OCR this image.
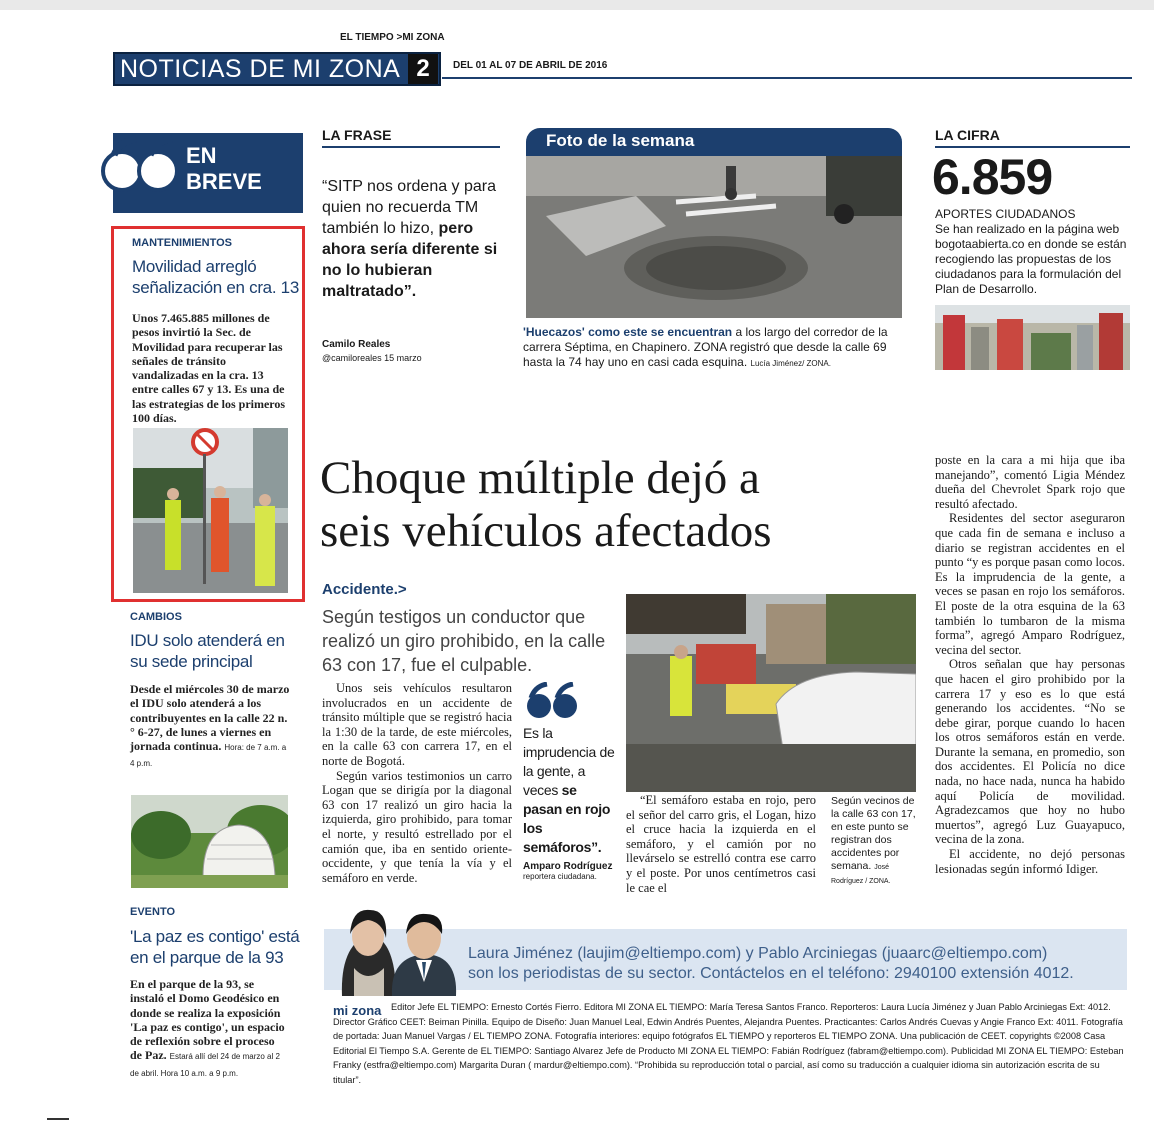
EL TIEMPO >MI ZONA
NOTICIAS DE MI ZONA 2	DEL 01 AL 07 DE ABRIL DE 2016
EN
BREVE
MANTENIMIENTOS
Movilidad arregló señalización en cra. 13
Unos 7.465.885 millones de pesos invirtió la Sec. de Movilidad para recuperar las señales de tránsito vandalizadas en la cra. 13 entre calles 67 y 13. Es una de las estrategias de los primeros 100 días.
CAMBIOS
IDU solo atenderá en su sede principal
Desde el miércoles 30 de marzo el IDU solo atenderá a los contribuyentes en la calle 22 n.° 6-27, de lunes a viernes en jornada continua. Hora: de 7 a.m. a 4 p.m.
EVENTO
'La paz es contigo' está en el parque de la 93
En el parque de la 93, se instaló el Domo Geodésico en donde se realiza la exposición 'La paz es contigo', un espacio de reflexión sobre el proceso de Paz. Estará allí del 24 de marzo al 2 de abril. Hora 10 a.m. a 9 p.m.
LA FRASE
“SITP nos ordena y para quien no recuerda TM también lo hizo, pero ahora sería diferente si no lo hubieran maltratado”.
Camilo Reales
@camiloreales 15 marzo
Foto de la semana
'Huecazos' como este se encuentran a los largo del corredor de la carrera Séptima, en Chapinero. ZONA registró que desde la calle 69 hasta la 74 hay uno en casi cada esquina. Lucía Jiménez/ ZONA.
LA CIFRA
6.859
APORTES CIUDADANOS
Se han realizado en la página web bogotaabierta.co en donde se están recogiendo las propuestas de los ciudadanos para la formulación del Plan de Desarrollo.
Choque múltiple dejó a seis vehículos afectados
Accidente.>
Según testigos un conductor que realizó un giro prohibido, en la calle 63 con 17, fue el culpable.

Unos seis vehículos resultaron involucrados en un accidente de tránsito múltiple que se registró hacia la 1:30 de la tarde, de este miércoles, en la calle 63 con carrera 17, en el norte de Bogotá.

Según varios testimonios un carro Logan que se dirigía por la diagonal 63 con 17 realizó un giro hacia la izquierda, giro prohibido, para tomar el norte, y resultó estrellado por el camión que, iba en sentido oriente-occidente, y que tenía la vía y el semáforo en verde.

Es la imprudencia de la gente, a veces se pasan en rojo los semáforos”.
Amparo Rodríguez
reportera ciudadana.

“El semáforo estaba en rojo, pero el señor del carro gris, el Logan, hizo el cruce hacia la izquierda en el semáforo, y el camión por no llevárselo se estrelló contra ese carro y el poste. Por unos centímetros casi le cae el

Según vecinos de la calle 63 con 17, en este punto se registran dos accidentes por semana. José Rodríguez / ZONA.

poste en la cara a mi hija que iba manejando”, comentó Ligia Méndez dueña del Chevrolet Spark rojo que resultó afectado.

Residentes del sector aseguraron que cada fin de semana e incluso a diario se registran accidentes en el punto “y es porque pasan como locos. Es la imprudencia de la gente, a veces se pasan en rojo los semáforos. El poste de la otra esquina de la 63 también lo tumbaron de la misma forma”, agregó Amparo Rodríguez, vecina del sector.

Otros señalan que hay personas que hacen el giro prohibido por la carrera 17 y eso es lo que está generando los accidentes. “No se debe girar, porque cuando lo hacen los otros semáforos están en verde. Durante la semana, en promedio, son dos accidentes. El Policía no dice nada, no hace nada, nunca ha habido aquí Policía de movilidad. Agradezcamos que hoy no hubo muertos”, agregó Luz Guayapuco, vecina de la zona.

El accidente, no dejó personas lesionadas según informó Idiger.

Laura Jiménez (laujim@eltiempo.com) y Pablo Arciniegas (juaarc@eltiempo.com)
son los periodistas de su sector. Contáctelos en el teléfono: 2940100 extensión 4012.
mi zona	Editor Jefe EL TIEMPO: Ernesto Cortés Fierro. Editora MI ZONA EL TIEMPO: María Teresa Santos Franco. Reporteros: Laura Lucía Jiménez y Juan Pablo Arciniegas Ext: 4012. Director Gráfico CEET: Beiman Pinilla. Equipo de Diseño: Juan Manuel Leal, Edwin Andrés Puentes, Alejandra Puentes. Practicantes: Carlos Andrés Cuevas y Angie Franco Ext: 4011. Fotografía de portada: Juan Manuel Vargas / EL TIEMPO ZONA. Fotografía interiores: equipo fotógrafos EL TIEMPO y reporteros EL TIEMPO ZONA. Una publicación de CEET. copyrights ©2008 Casa Editorial El Tiempo S.A. Gerente de EL TIEMPO: Santiago Alvarez Jefe de Producto MI ZONA EL TIEMPO: Fabián Rodríguez (fabram@eltiempo.com). Publicidad MI ZONA EL TIEMPO: Esteban Franky (estfra@eltiempo.com) Margarita Duran ( mardur@eltiempo.com). “Prohibida su reproducción total o parcial, así como su traducción a cualquier idioma sin autorización escrita de su titular”.
